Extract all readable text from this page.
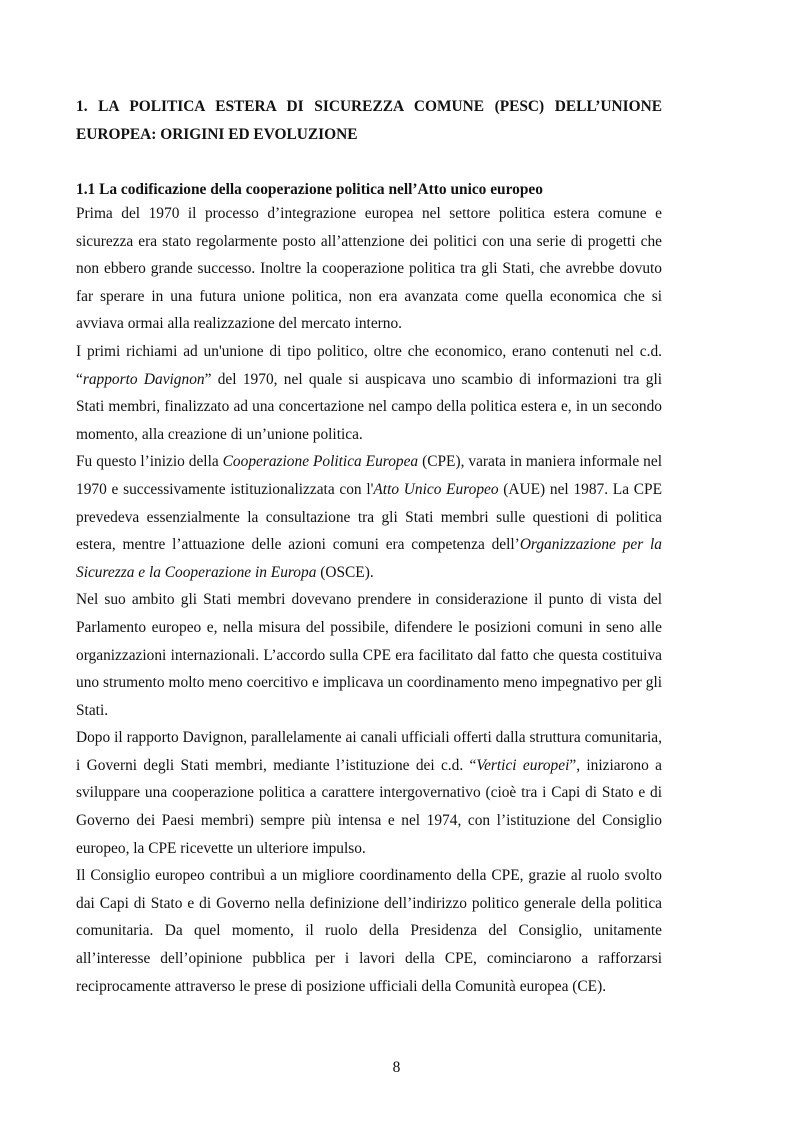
1. LA POLITICA ESTERA DI SICUREZZA COMUNE (PESC) DELL’UNIONE EUROPEA: ORIGINI ED EVOLUZIONE
1.1 La codificazione della cooperazione politica nell’Atto unico europeo

Prima del 1970 il processo d’integrazione europea nel settore politica estera comune e sicurezza era stato regolarmente posto all’attenzione dei politici con una serie di progetti che non ebbero grande successo. Inoltre la cooperazione politica tra gli Stati, che avrebbe dovuto far sperare in una futura unione politica, non era avanzata come quella economica che si avviava ormai alla realizzazione del mercato interno.

I primi richiami ad un'unione di tipo politico, oltre che economico, erano contenuti nel c.d. “rapporto Davignon” del 1970, nel quale si auspicava uno scambio di informazioni tra gli Stati membri, finalizzato ad una concertazione nel campo della politica estera e, in un secondo momento, alla creazione di un’unione politica.

Fu questo l’inizio della Cooperazione Politica Europea (CPE), varata in maniera informale nel 1970 e successivamente istituzionalizzata con l'Atto Unico Europeo (AUE) nel 1987. La CPE prevedeva essenzialmente la consultazione tra gli Stati membri sulle questioni di politica estera, mentre l’attuazione delle azioni comuni era competenza dell’Organizzazione per la Sicurezza e la Cooperazione in Europa (OSCE).

Nel suo ambito gli Stati membri dovevano prendere in considerazione il punto di vista del Parlamento europeo e, nella misura del possibile, difendere le posizioni comuni in seno alle organizzazioni internazionali. L’accordo sulla CPE era facilitato dal fatto che questa costituiva uno strumento molto meno coercitivo e implicava un coordinamento meno impegnativo per gli Stati.

Dopo il rapporto Davignon, parallelamente ai canali ufficiali offerti dalla struttura comunitaria, i Governi degli Stati membri, mediante l’istituzione dei c.d. “Vertici europei”, iniziarono a sviluppare una cooperazione politica a carattere intergovernativo (cioè tra i Capi di Stato e di Governo dei Paesi membri) sempre più intensa e nel 1974, con l’istituzione del Consiglio europeo, la CPE ricevette un ulteriore impulso.

Il Consiglio europeo contribuì a un migliore coordinamento della CPE, grazie al ruolo svolto dai Capi di Stato e di Governo nella definizione dell’indirizzo politico generale della politica comunitaria. Da quel momento, il ruolo della Presidenza del Consiglio, unitamente all’interesse dell’opinione pubblica per i lavori della CPE, cominciarono a rafforzarsi reciprocamente attraverso le prese di posizione ufficiali della Comunità europea (CE).

8
